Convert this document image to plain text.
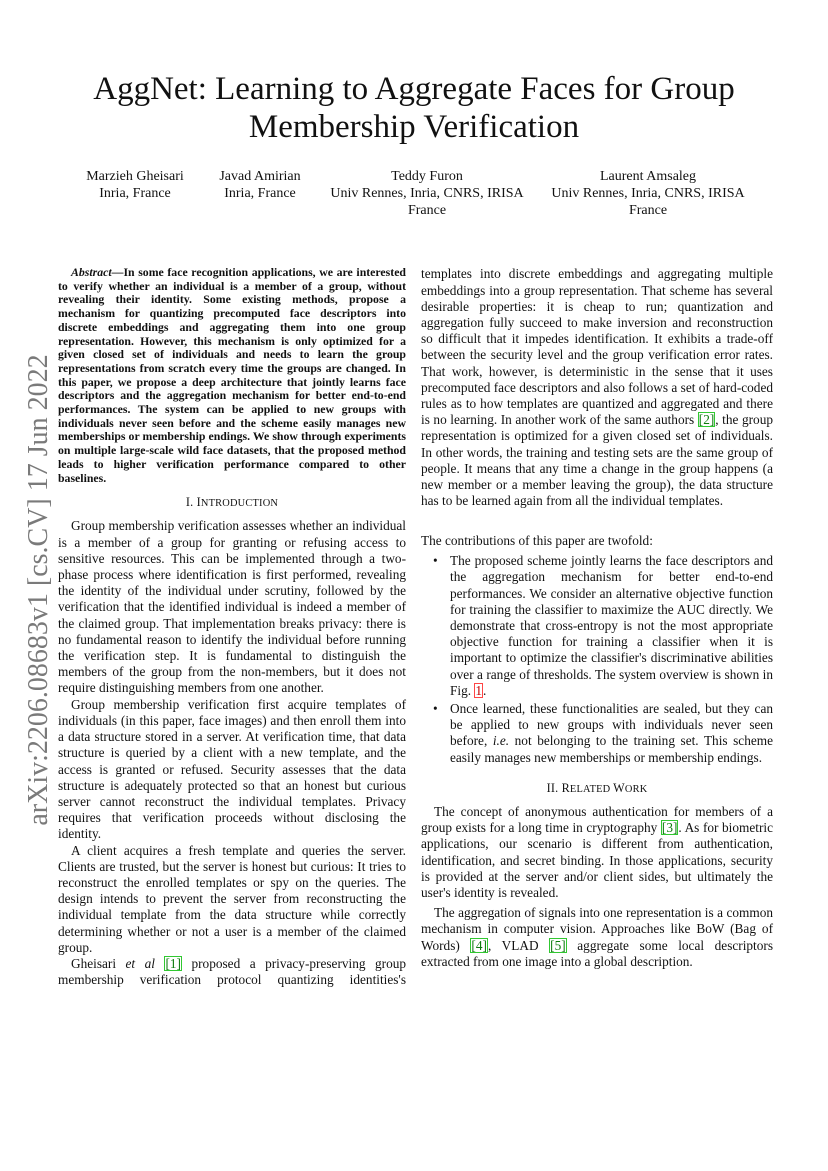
AggNet: Learning to Aggregate Faces for Group
Membership Verification
Marzieh Gheisari
Inria, France
Javad Amirian
Inria, France
Teddy Furon
Univ Rennes, Inria, CNRS, IRISA
France
Laurent Amsaleg
Univ Rennes, Inria, CNRS, IRISA
France
arXiv:2206.08683v1 [cs.CV] 17 Jun 2022

Abstract—In some face recognition applications, we are interested to verify whether an individual is a member of a group, without revealing their identity. Some existing methods, propose a mechanism for quantizing precomputed face descriptors into discrete embeddings and aggregating them into one group representation. However, this mechanism is only optimized for a given closed set of individuals and needs to learn the group representations from scratch every time the groups are changed. In this paper, we propose a deep architecture that jointly learns face descriptors and the aggregation mechanism for better end-to-end performances. The system can be applied to new groups with individuals never seen before and the scheme easily manages new memberships or membership endings. We show through experiments on multiple large-scale wild face datasets, that the proposed method leads to higher verification performance compared to other baselines.

I. INTRODUCTION

Group membership verification assesses whether an individual is a member of a group for granting or refusing access to sensitive resources. This can be implemented through a two-phase process where identification is first performed, revealing the identity of the individual under scrutiny, followed by the verification that the identified individual is indeed a member of the claimed group. That implementation breaks privacy: there is no fundamental reason to identify the individual before running the verification step. It is fundamental to distinguish the members of the group from the non-members, but it does not require distinguishing members from one another.

Group membership verification first acquire templates of individuals (in this paper, face images) and then enroll them into a data structure stored in a server. At verification time, that data structure is queried by a client with a new template, and the access is granted or refused. Security assesses that the data structure is adequately protected so that an honest but curious server cannot reconstruct the individual templates. Privacy requires that verification proceeds without disclosing the identity.

A client acquires a fresh template and queries the server. Clients are trusted, but the server is honest but curious: It tries to reconstruct the enrolled templates or spy on the queries. The design intends to prevent the server from reconstructing the individual template from the data structure while correctly determining whether or not a user is a member of the claimed group.

Gheisari et al [1] proposed a privacy-preserving group membership verification protocol quantizing identities's

templates into discrete embeddings and aggregating multiple embeddings into a group representation. That scheme has several desirable properties: it is cheap to run; quantization and aggregation fully succeed to make inversion and reconstruction so difficult that it impedes identification. It exhibits a trade-off between the security level and the group verification error rates. That work, however, is deterministic in the sense that it uses precomputed face descriptors and also follows a set of hard-coded rules as to how templates are quantized and aggregated and there is no learning. In another work of the same authors [2], the group representation is optimized for a given closed set of individuals. In other words, the training and testing sets are the same group of people. It means that any time a change in the group happens (a new member or a member leaving the group), the data structure has to be learned again from all the individual templates.

The contributions of this paper are twofold:

• The proposed scheme jointly learns the face descriptors and the aggregation mechanism for better end-to-end performances. We consider an alternative objective function for training the classifier to maximize the AUC directly. We demonstrate that cross-entropy is not the most appropriate objective function for training a classifier when it is important to optimize the classifier's discriminative abilities over a range of thresholds. The system overview is shown in Fig. 1.
• Once learned, these functionalities are sealed, but they can be applied to new groups with individuals never seen before, i.e. not belonging to the training set. This scheme easily manages new memberships or membership endings.
II. RELATED WORK

The concept of anonymous authentication for members of a group exists for a long time in cryptography [3]. As for biometric applications, our scenario is different from authentication, identification, and secret binding. In those applications, security is provided at the server and/or client sides, but ultimately the user's identity is revealed.

The aggregation of signals into one representation is a common mechanism in computer vision. Approaches like BoW (Bag of Words) [4], VLAD [5] aggregate some local descriptors extracted from one image into a global description.
